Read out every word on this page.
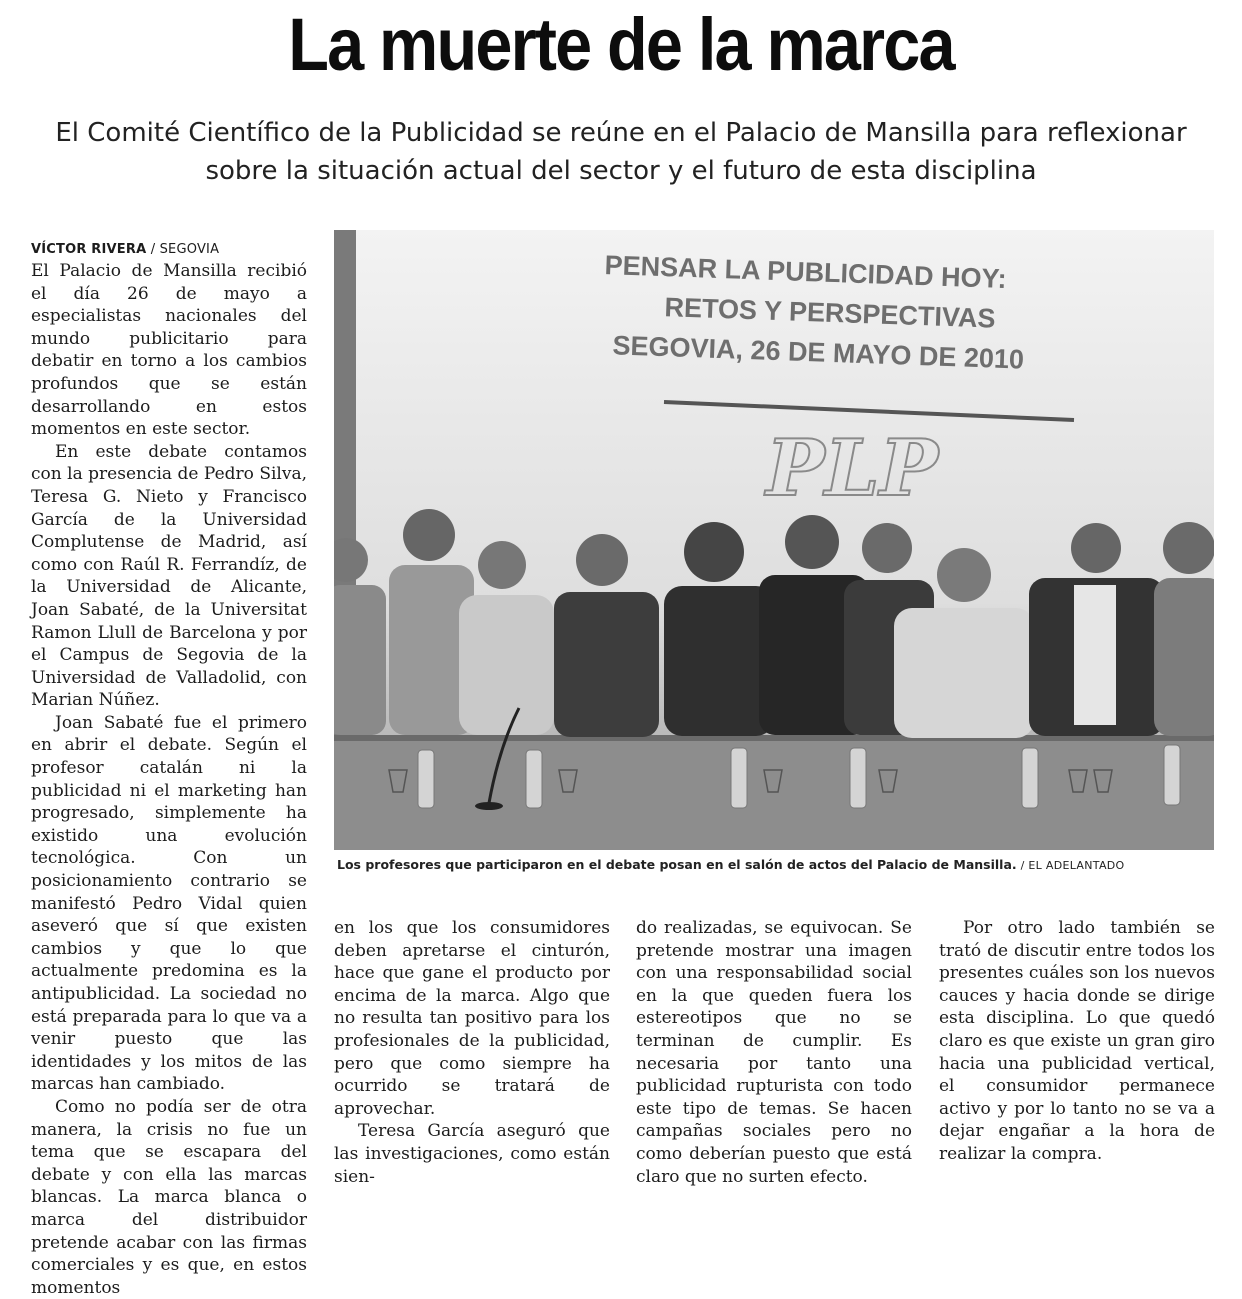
La muerte de la marca
El Comité Científico de la Publicidad se reúne en el Palacio de Mansilla para reflexionar
sobre la situación actual del sector y el futuro de esta disciplina
VÍCTOR RIVERA / SEGOVIA

El Palacio de Mansilla recibió el día 26 de mayo a especialistas nacionales del mundo publicitario para debatir en torno a los cambios profundos que se están desarrollando en estos momentos en este sector.

En este debate contamos con la presencia de Pedro Silva, Teresa G. Nieto y Francisco García de la Universidad Complutense de Madrid, así como con Raúl R. Ferrandíz, de la Universidad de Alicante, Joan Sabaté, de la Universitat Ramon Llull de Barcelona y por el Campus de Segovia de la Universidad de Valladolid, con Marian Núñez.

Joan Sabaté fue el primero en abrir el debate. Según el profesor catalán ni la publicidad ni el marketing han progresado, simplemente ha existido una evolución tecnológica. Con un posicionamiento contrario se manifestó Pedro Vidal quien aseveró que sí que existen cambios y que lo que actualmente predomina es la antipublicidad. La sociedad no está preparada para lo que va a venir puesto que las identidades y los mitos de las marcas han cambiado.

Como no podía ser de otra manera, la crisis no fue un tema que se escapara del debate y con ella las marcas blancas. La marca blanca o marca del distribuidor pretende acabar con las firmas comerciales y es que, en estos momentos

PENSAR LA PUBLICIDAD HOY:
RETOS Y PERSPECTIVAS
SEGOVIA, 26 DE MAYO DE 2010
PLP
Los profesores que participaron en el debate posan en el salón de actos del Palacio de Mansilla. / EL ADELANTADO

en los que los consumidores deben apretarse el cinturón, hace que gane el producto por encima de la marca. Algo que no resulta tan positivo para los profesionales de la publicidad, pero que como siempre ha ocurrido se tratará de aprovechar.

Teresa García aseguró que las investigaciones, como están sien-

do realizadas, se equivocan. Se pretende mostrar una imagen con una responsabilidad social en la que queden fuera los estereotipos que no se terminan de cumplir. Es necesaria por tanto una publicidad rupturista con todo este tipo de temas. Se hacen campañas sociales pero no como deberían puesto que está claro que no surten efecto.

Por otro lado también se trató de discutir entre todos los presentes cuáles son los nuevos cauces y hacia donde se dirige esta disciplina. Lo que quedó claro es que existe un gran giro hacia una publicidad vertical, el consumidor permanece activo y por lo tanto no se va a dejar engañar a la hora de realizar la compra.
